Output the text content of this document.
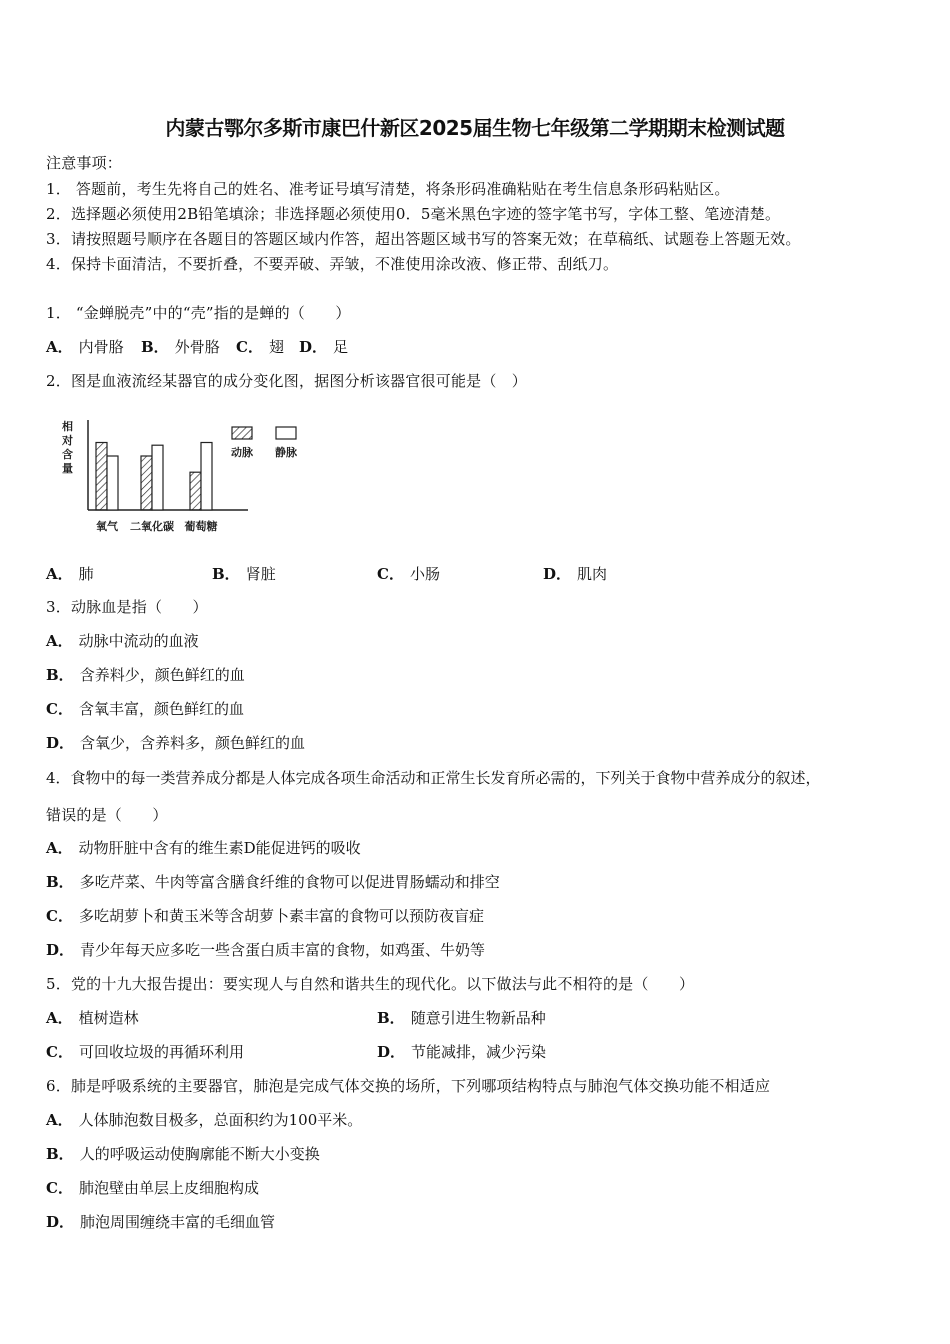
内蒙古鄂尔多斯市康巴什新区2025届生物七年级第二学期期末检测试题
注意事项：
1． 答题前，考生先将自己的姓名、准考证号填写清楚，将条形码准确粘贴在考生信息条形码粘贴区。
2．选择题必须使用2B铅笔填涂；非选择题必须使用0．5毫米黑色字迹的签字笔书写，字体工整、笔迹清楚。
3．请按照题号顺序在各题目的答题区域内作答，超出答题区域书写的答案无效；在草稿纸、试题卷上答题无效。
4．保持卡面清洁，不要折叠，不要弄破、弄皱，不准使用涂改液、修正带、刮纸刀。
1． “金蝉脱壳”中的“壳”指的是蝉的（　　）
A． 内骨胳 B． 外骨胳 C． 翅 D． 足
2．图是血液流经某器官的成分变化图，据图分析该器官很可能是（　）
相
对
含
量
氧气 二氧化碳 葡萄糖
动脉 静脉
A． 肺	B． 肾脏	C． 小肠	D． 肌肉
3．动脉血是指（　　）
A． 动脉中流动的血液
B． 含养料少，颜色鲜红的血
C． 含氧丰富，颜色鲜红的血
D． 含氧少，含养料多，颜色鲜红的血
4．食物中的每一类营养成分都是人体完成各项生命活动和正常生长发育所必需的，下列关于食物中营养成分的叙述，
错误的是（　　）
A． 动物肝脏中含有的维生素D能促进钙的吸收
B． 多吃芹菜、牛肉等富含膳食纤维的食物可以促进胃肠蠕动和排空
C． 多吃胡萝卜和黄玉米等含胡萝卜素丰富的食物可以预防夜盲症
D． 青少年每天应多吃一些含蛋白质丰富的食物，如鸡蛋、牛奶等
5．党的十九大报告提出：要实现人与自然和谐共生的现代化。以下做法与此不相符的是（　　）
A． 植树造林	B． 随意引进生物新品种
C． 可回收垃圾的再循环利用	D． 节能减排，减少污染
6．肺是呼吸系统的主要器官，肺泡是完成气体交换的场所，下列哪项结构特点与肺泡气体交换功能不相适应
A． 人体肺泡数目极多，总面积约为100平米。
B． 人的呼吸运动使胸廓能不断大小变换
C． 肺泡壁由单层上皮细胞构成
D． 肺泡周围缠绕丰富的毛细血管
